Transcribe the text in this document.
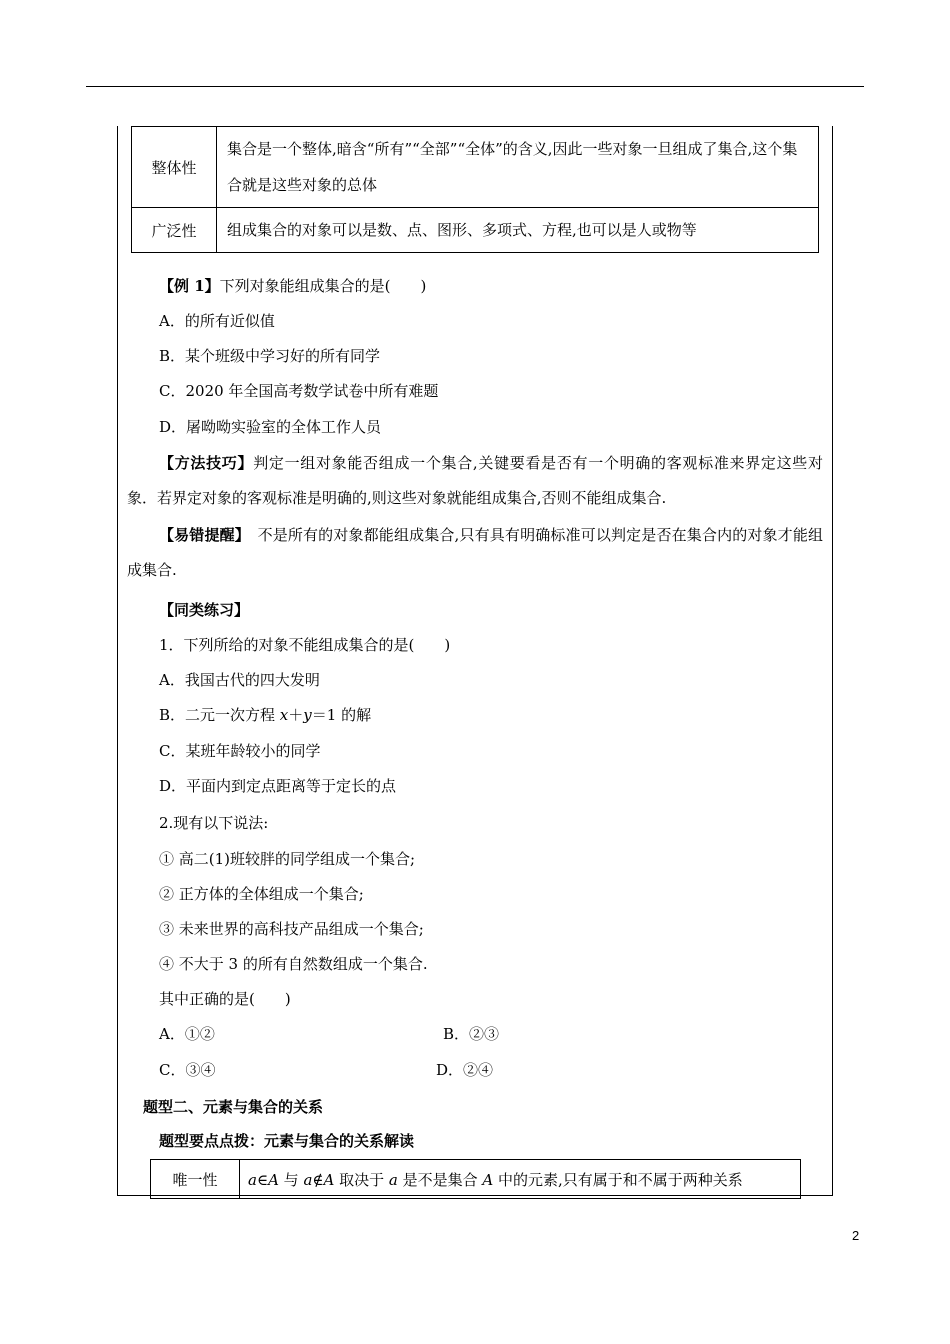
整体性	集合是一个整体,暗含“所有”“全部”“全体”的含义,因此一些对象一旦组成了集合,这个集合就是这些对象的总体
广泛性	组成集合的对象可以是数、点、图形、多项式、方程,也可以是人或物等
【例 1】下列对象能组成集合的是(　　)
A．的所有近似值
B．某个班级中学习好的所有同学
C．2020 年全国高考数学试卷中所有难题
D．屠呦呦实验室的全体工作人员

【方法技巧】判定一组对象能否组成一个集合,关键要看是否有一个明确的客观标准来界定这些对象．若界定对象的客观标准是明确的,则这些对象就能组成集合,否则不能组成集合.

【易错提醒】　不是所有的对象都能组成集合,只有具有明确标准可以判定是否在集合内的对象才能组成集合.

【同类练习】
1．下列所给的对象不能组成集合的是(　　)
A．我国古代的四大发明
B．二元一次方程 x＋y＝1 的解
C．某班年龄较小的同学
D．平面内到定点距离等于定长的点
2.现有以下说法:
① 高二(1)班较胖的同学组成一个集合;
② 正方体的全体组成一个集合;
③ 未来世界的高科技产品组成一个集合;
④ 不大于 3 的所有自然数组成一个集合.
其中正确的是(　　)
A．①②	B．②③
C．③④	D．②④
题型二、元素与集合的关系
题型要点点拨：元素与集合的关系解读
唯一性	a∈A 与 a∉A 取决于 a 是不是集合 A 中的元素,只有属于和不属于两种关系
2
